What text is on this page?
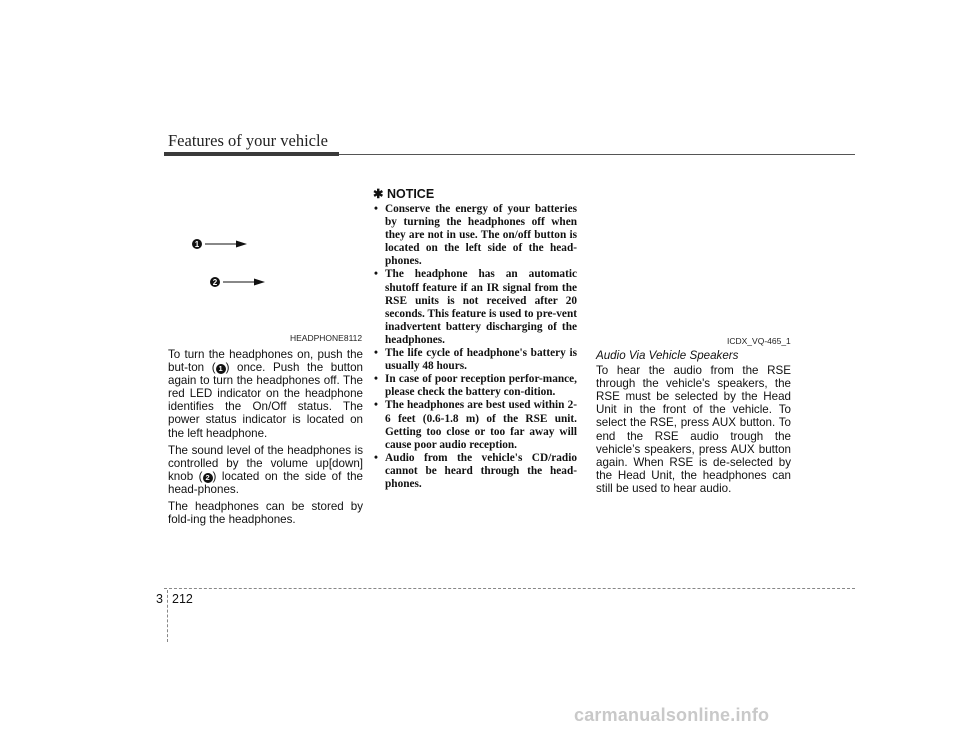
Features of your vehicle
1
2
HEADPHONE8112

To turn the headphones on, push the but-ton ( 1 ) once. Push the button again to turn the headphones off. The red LED indicator on the headphone identifies the On/Off status. The power status indicator is located on the left headphone.

The sound level of the headphones is controlled by the volume up[down] knob ( 2 ) located on the side of the head-phones.

The headphones can be stored by fold-ing the headphones.

✱ NOTICE
• Conserve the energy of your batteries by turning the headphones off when they are not in use. The on/off button is located on the left side of the head-phones.
• The headphone has an automatic shutoff feature if an IR signal from the RSE units is not received after 20 seconds. This feature is used to pre-vent inadvertent battery discharging of the headphones.
• The life cycle of headphone's battery is usually 48 hours.
• In case of poor reception perfor-mance, please check the battery con-dition.
• The headphones are best used within 2-6 feet (0.6-1.8 m) of the RSE unit. Getting too close or too far away will cause poor audio reception.
• Audio from the vehicle's CD/radio cannot be heard through the head-phones.
ICDX_VQ-465_1

Audio Via Vehicle Speakers

To hear the audio from the RSE through the vehicle's speakers, the RSE must be selected by the Head Unit in the front of the vehicle. To select the RSE, press AUX button. To end the RSE audio trough the vehicle’s speakers, press AUX button again. When RSE is de-selected by the Head Unit, the headphones can still be used to hear audio.

3 212
carmanualsonline.info
